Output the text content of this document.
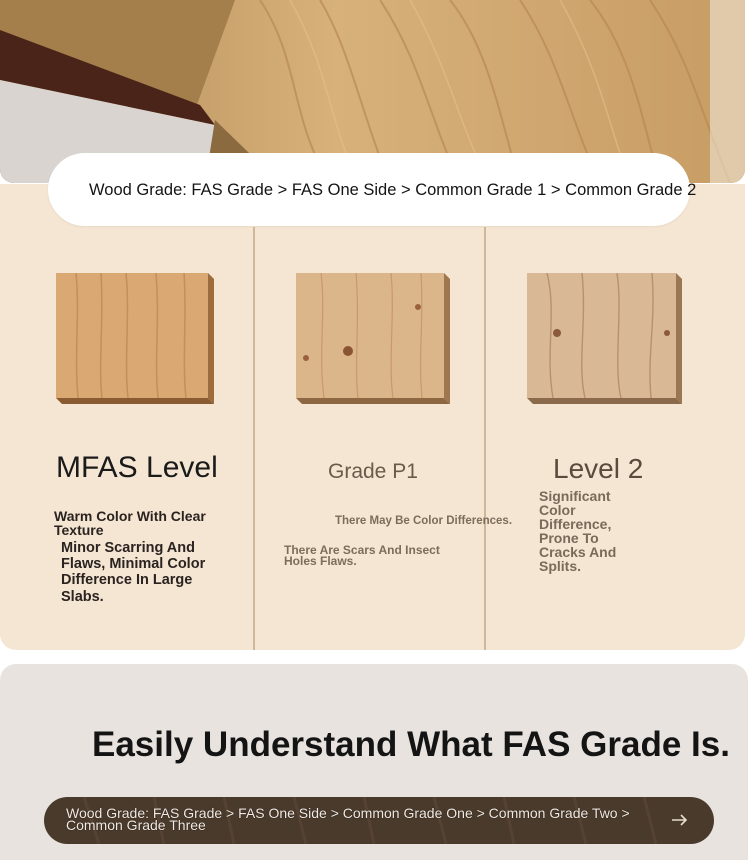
Wood Grade: FAS Grade > FAS One Side > Common Grade 1 > Common Grade 2
MFAS Level
Warm Color With Clear Texture
Minor Scarring And Flaws, Minimal Color Difference In Large Slabs.
Grade P1
There May Be Color Differences.
There Are Scars And Insect Holes Flaws.
Level 2
Significant Color Difference, Prone To Cracks And Splits.
Easily Understand What FAS Grade Is.
Wood Grade: FAS Grade > FAS One Side > Common Grade One > Common Grade Two > Common Grade Three
